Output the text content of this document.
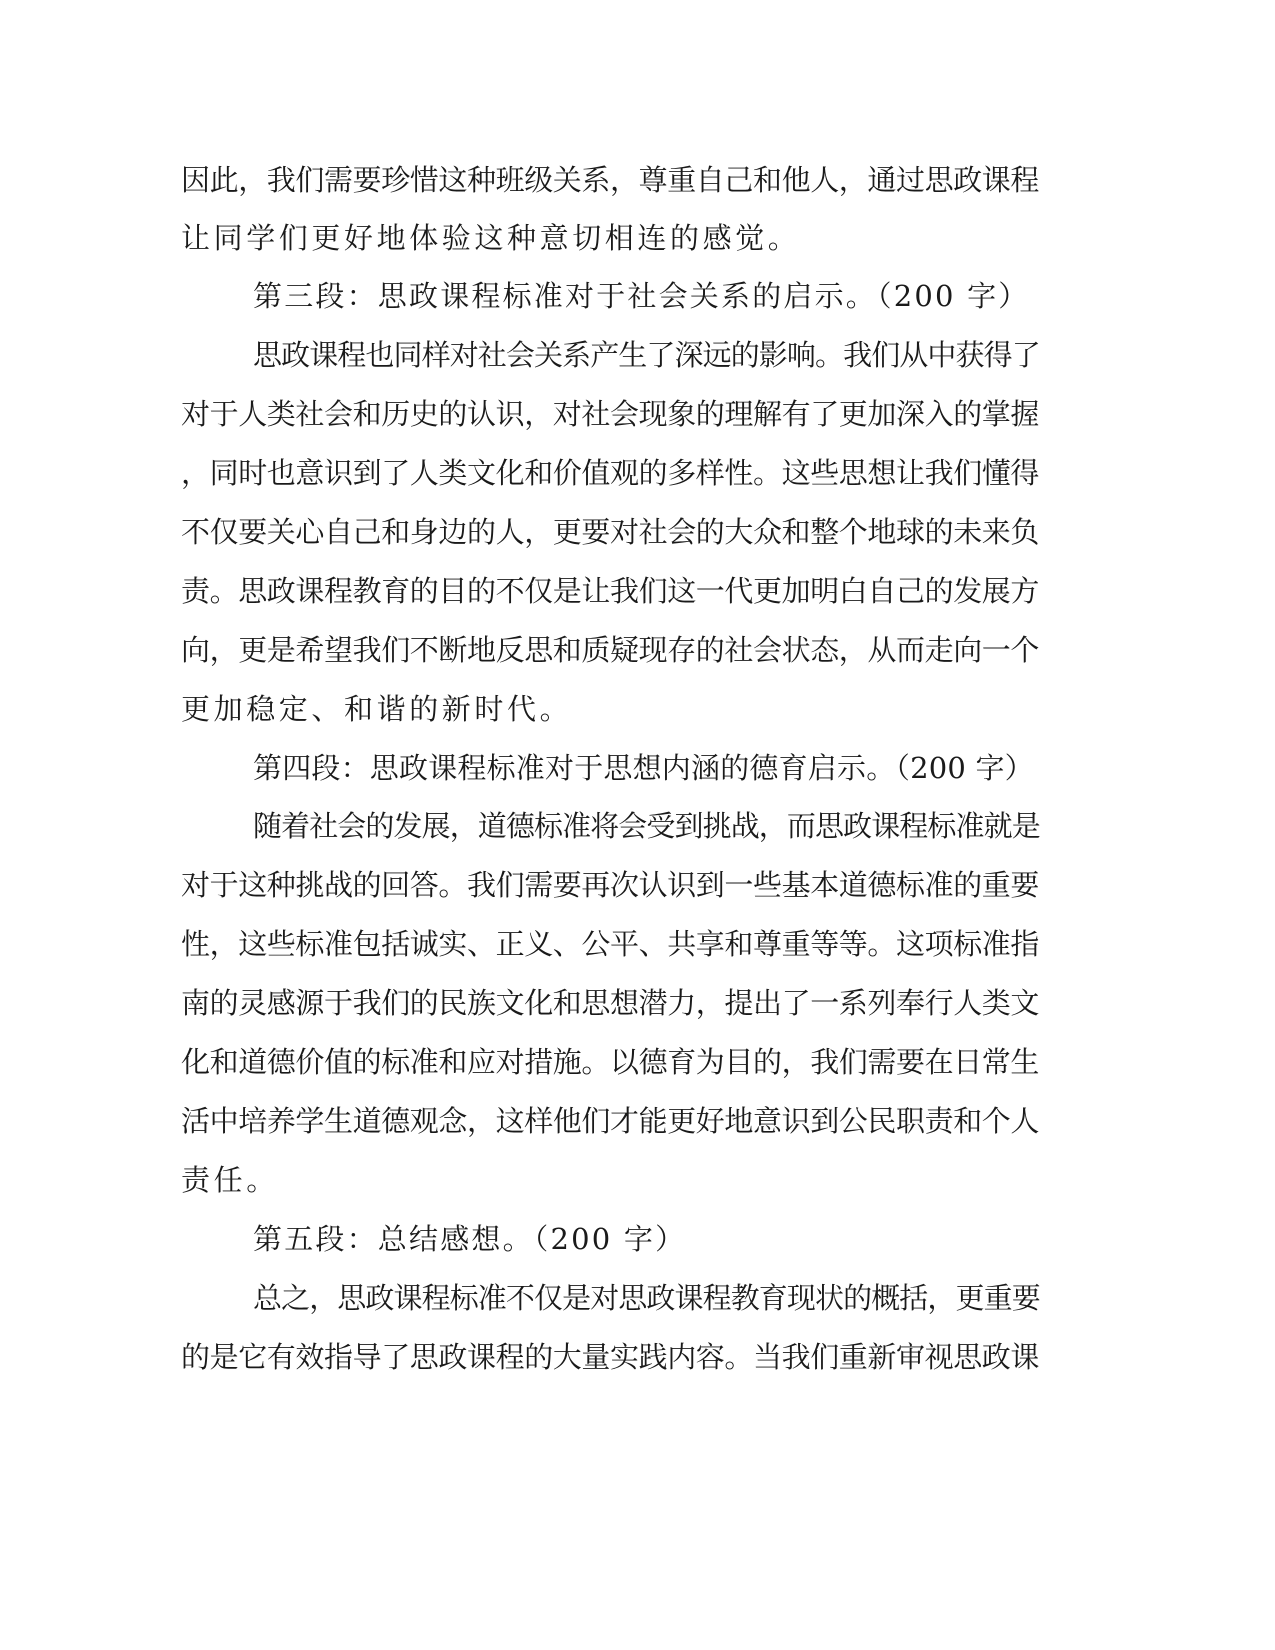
因此，我们需要珍惜这种班级关系，尊重自己和他人，通过思政课程

让同学们更好地体验这种意切相连的感觉。

第三段：思政课程标准对于社会关系的启示。（200 字）

思政课程也同样对社会关系产生了深远的影响。我们从中获得了

对于人类社会和历史的认识，对社会现象的理解有了更加深入的掌握

，同时也意识到了人类文化和价值观的多样性。这些思想让我们懂得

不仅要关心自己和身边的人，更要对社会的大众和整个地球的未来负

责。思政课程教育的目的不仅是让我们这一代更加明白自己的发展方

向，更是希望我们不断地反思和质疑现存的社会状态，从而走向一个

更加稳定、和谐的新时代。

第四段：思政课程标准对于思想内涵的德育启示。（200 字）

随着社会的发展，道德标准将会受到挑战，而思政课程标准就是

对于这种挑战的回答。我们需要再次认识到一些基本道德标准的重要

性，这些标准包括诚实、正义、公平、共享和尊重等等。这项标准指

南的灵感源于我们的民族文化和思想潜力，提出了一系列奉行人类文

化和道德价值的标准和应对措施。以德育为目的，我们需要在日常生

活中培养学生道德观念，这样他们才能更好地意识到公民职责和个人

责任。

第五段：总结感想。（200 字）

总之，思政课程标准不仅是对思政课程教育现状的概括，更重要

的是它有效指导了思政课程的大量实践内容。当我们重新审视思政课
